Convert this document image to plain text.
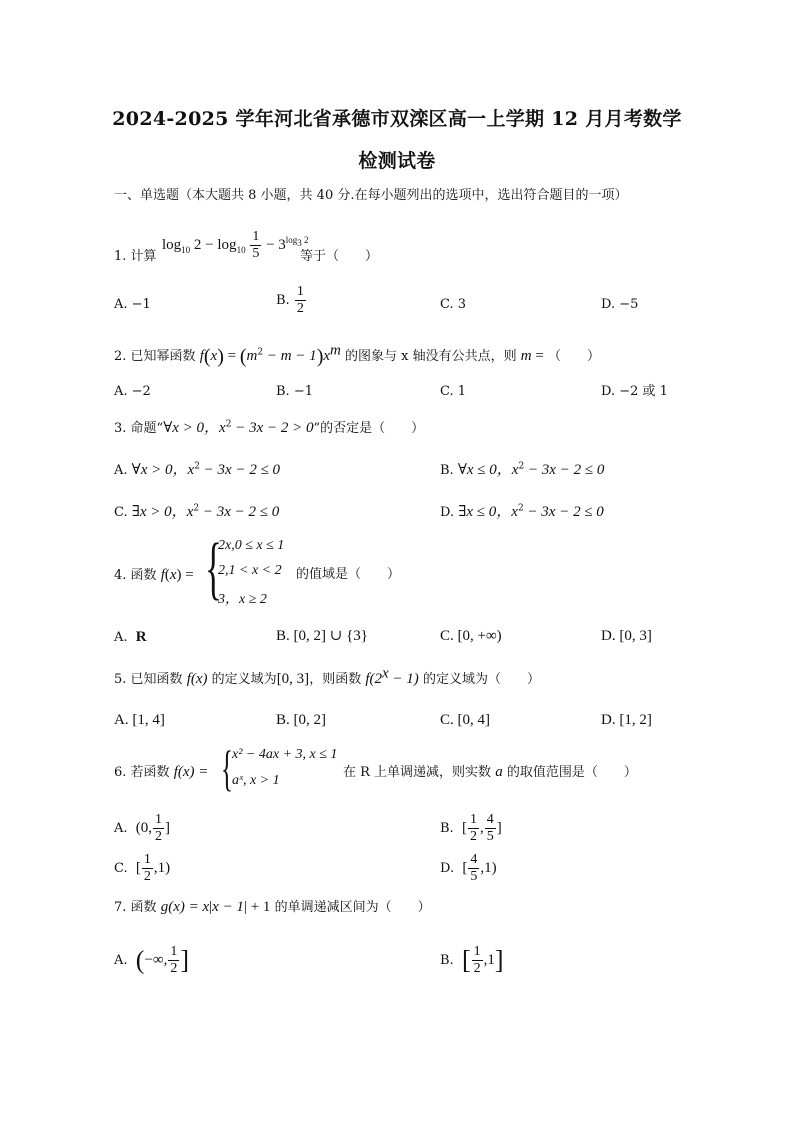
2024-2025 学年河北省承德市双滦区高一上学期 12 月月考数学
检测试卷
一、单选题（本大题共 8 小题，共 40 分.在每小题列出的选项中，选出符合题目的一项）
1. 计算
$\log_{10} 2 - \log_{10} \frac{1}{5} - 3^{log_3 2}$
等于（　　）
A. −1	B. $\frac{1}{2}$	C. 3	D. −5
2. 已知幂函数 $f(x) = (m^2 - m - 1)x^m$ 的图象与 x 轴没有公共点，则 m = （　　）
A. −2	B. −1	C. 1	D. −2 或 1
3. 命题“∀x > 0，$x^2 - 3x - 2 > 0$”的否定是（　　）
A. ∀x > 0，$x^2 - 3x - 2 \le 0$	B. ∀x ≤ 0，$x^2 - 3x - 2 \le 0$
C. ∃x > 0，$x^2 - 3x - 2 \le 0$	D. ∃x ≤ 0，$x^2 - 3x - 2 \le 0$
4. 函数 f(x) = {
2x,0 ≤ x ≤ 1
2,1 < x < 2
3，x ≥ 2
的值域是（　　）
A. R	B. [0, 2] ∪ {3}	C. [0, +∞)	D. [0, 3]
5. 已知函数 f(x) 的定义域为[0, 3]，则函数 $f(2^x - 1)$ 的定义域为（　　）
A. [1, 4]	B. [0, 2]	C. [0, 4]	D. [1, 2]
6. 若函数 f(x) = { x² − 4ax + 3, x ≤ 1
aˣ, x > 1
在 R 上单调递减，则实数 a 的取值范围是（　　）
A. (0, $\frac{1}{2}$ ]	B. [ $\frac{1}{2}$ , $\frac{4}{5}$ ]
C. [ $\frac{1}{2} ,1$)	D. [ $\frac{4}{5} ,1$)
7. 函数 g(x) = x|x − 1| + 1 的单调递减区间为（　　）
A. (−∞, $\frac{1}{2}$ ]	B. [ $\frac{1}{2} ,1$]
